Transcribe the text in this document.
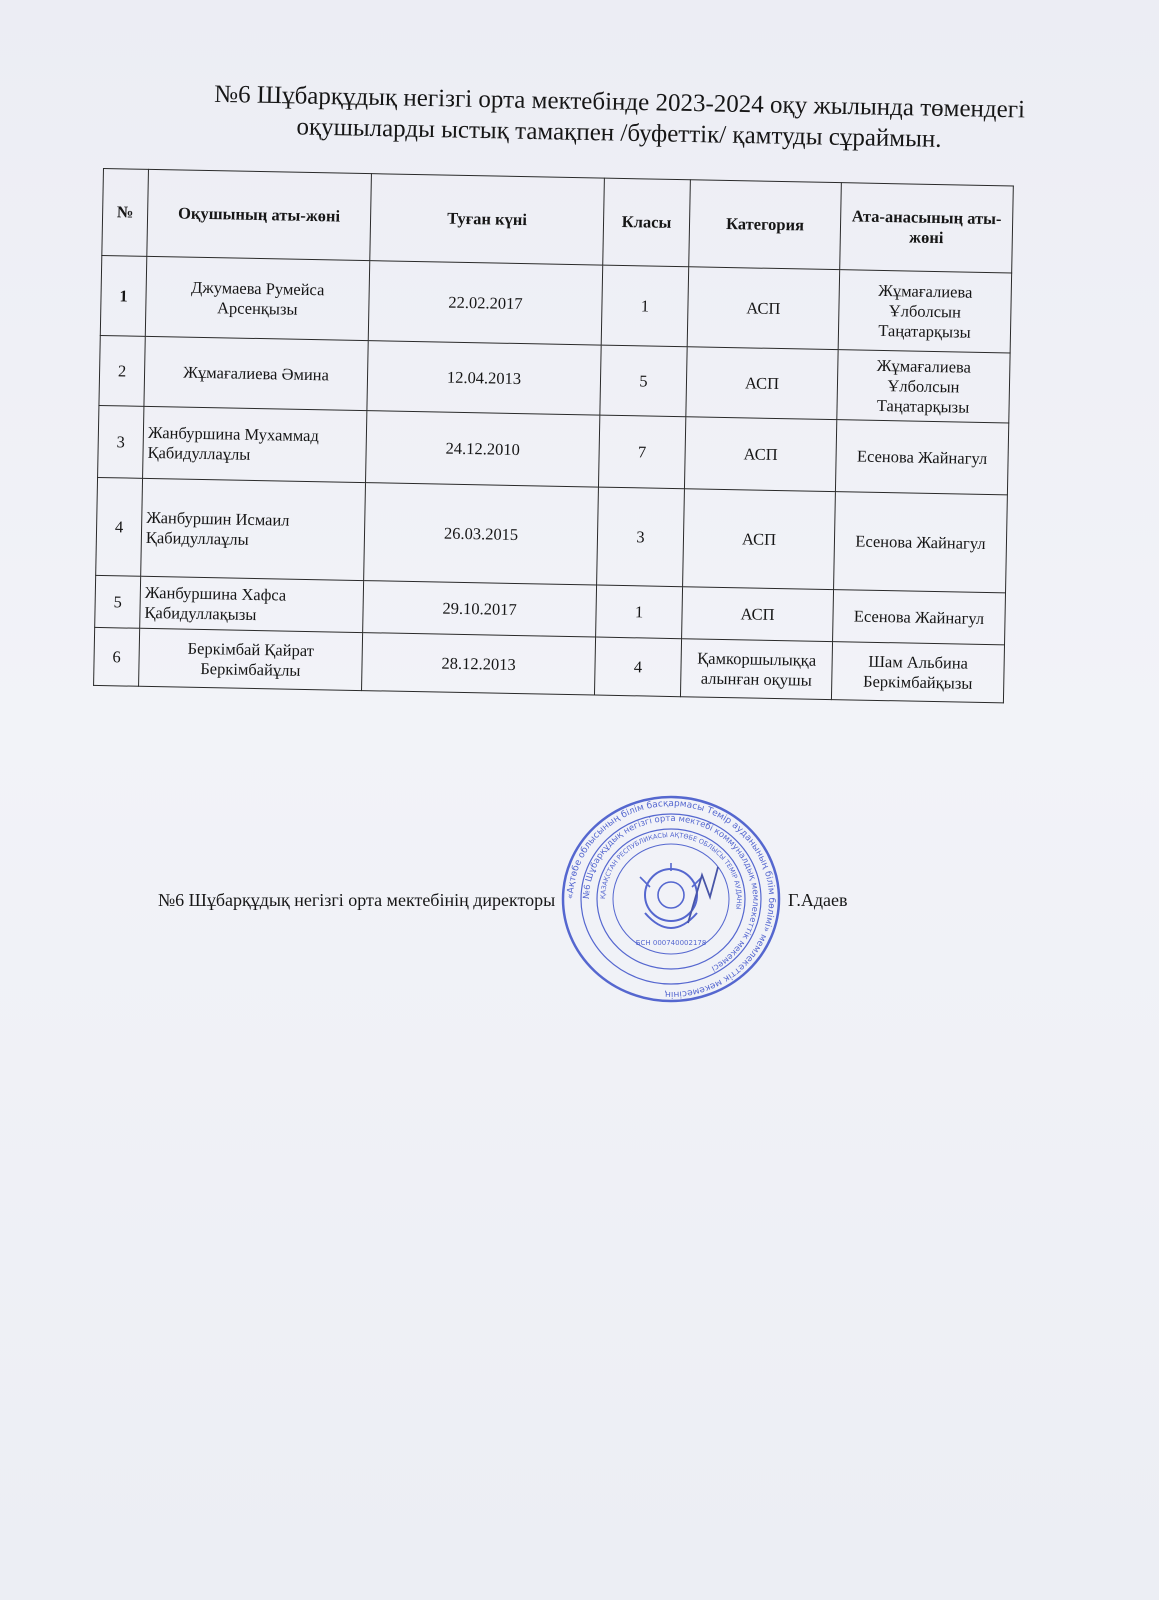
№6 Шұбарқұдық негізгі орта мектебінде 2023-2024 оқу жылында төмендегі
оқушыларды ыстық тамақпен /буфеттік/ қамтуды сұраймын.
№	Оқушының аты-жөні	Туған күні	Класы	Категория	Ата-анасының аты-жөні
1	Джумаева Румейса Арсенқызы	22.02.2017	1	АСП	Жұмағалиева Ұлболсын Таңатарқызы
2	Жұмағалиева Әмина	12.04.2013	5	АСП	Жұмағалиева Ұлболсын Таңатарқызы
3	Жанбуршина Мухаммад Қабидуллаұлы	24.12.2010	7	АСП	Есенова Жайнагул
4	Жанбуршин Исмаил Қабидуллаұлы	26.03.2015	3	АСП	Есенова Жайнагул
5	Жанбуршина Хафса Қабидуллақызы	29.10.2017	1	АСП	Есенова Жайнагул
6	Беркімбай Қайрат Беркімбайұлы	28.12.2013	4	Қамкоршылыққа алынған оқушы	Шам Альбина Беркімбайқызы
№6 Шұбарқұдық негізгі орта мектебінің директоры	Г.Адаев
«Ақтөбе облысының білім басқармасы Темір ауданының білім бөлімі» мемлекеттік мекемесінің
№6 Шұбарқұдық негізгі орта мектебі коммуналдық мемлекеттік мекемесі
ҚАЗАҚСТАН РЕСПУБЛИКАСЫ АҚТӨБЕ ОБЛЫСЫ ТЕМІР АУДАНЫ
БСН 000740002178
